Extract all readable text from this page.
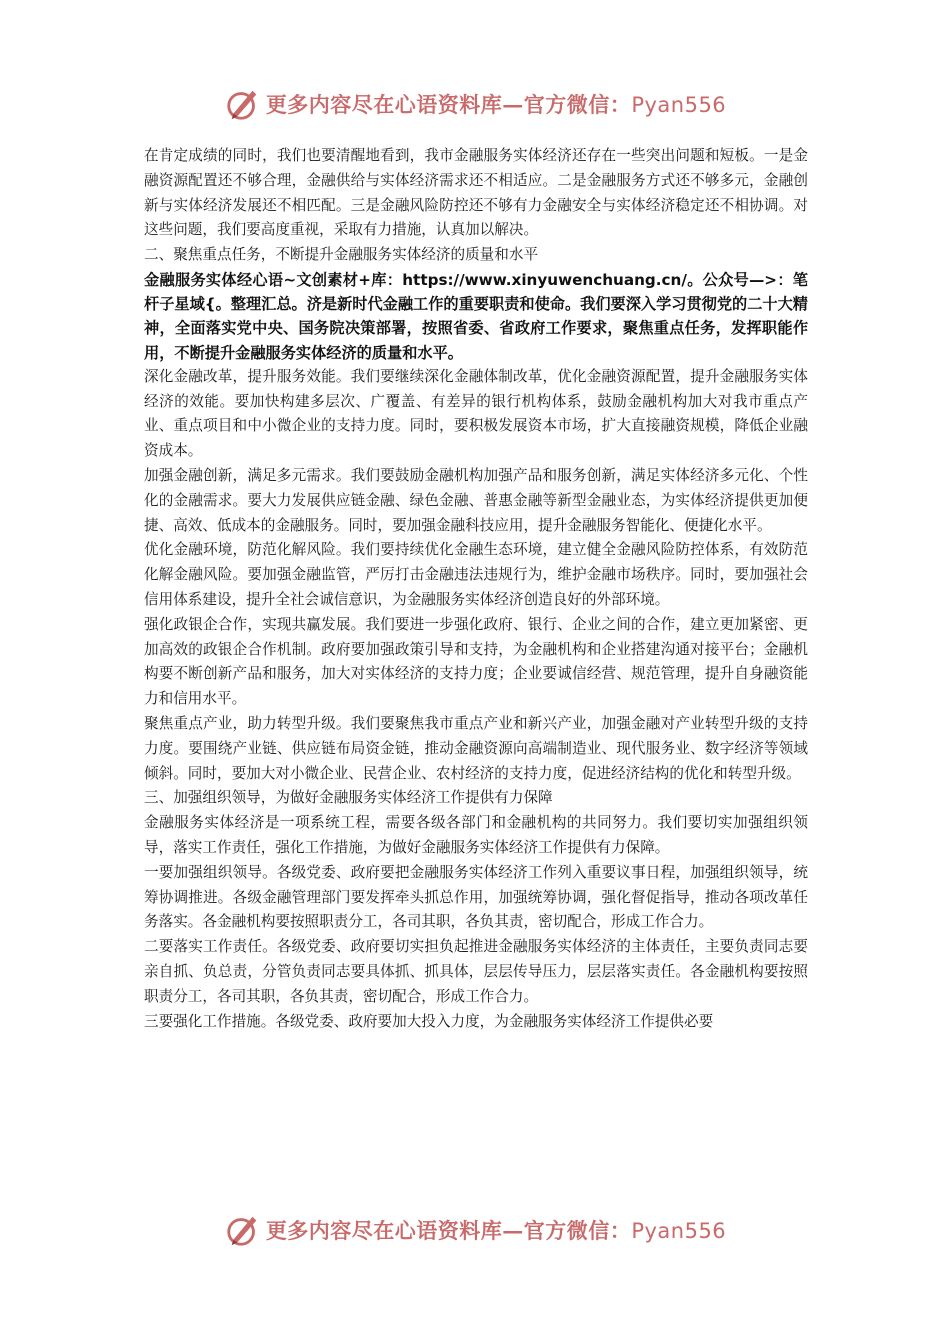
更多内容尽在心语资料库—官方微信：Pyan556

在肯定成绩的同时，我们也要清醒地看到，我市金融服务实体经济还存在一些突出问题和短板。一是金融资源配置还不够合理，金融供给与实体经济需求还不相适应。二是金融服务方式还不够多元，金融创新与实体经济发展还不相匹配。三是金融风险防控还不够有力金融安全与实体经济稳定还不相协调。对这些问题，我们要高度重视，采取有力措施，认真加以解决。

二、聚焦重点任务，不断提升金融服务实体经济的质量和水平

金融服务实体经心语~文创素材+库：https://www.xinyuwenchuang.cn/。公众号—>：笔杆子星域{。整理汇总。济是新时代金融工作的重要职责和使命。我们要深入学习贯彻党的二十大精神，全面落实党中央、国务院决策部署，按照省委、省政府工作要求，聚焦重点任务，发挥职能作用，不断提升金融服务实体经济的质量和水平。

深化金融改革，提升服务效能。我们要继续深化金融体制改革，优化金融资源配置，提升金融服务实体经济的效能。要加快构建多层次、广覆盖、有差异的银行机构体系，鼓励金融机构加大对我市重点产业、重点项目和中小微企业的支持力度。同时，要积极发展资本市场，扩大直接融资规模，降低企业融资成本。

加强金融创新，满足多元需求。我们要鼓励金融机构加强产品和服务创新，满足实体经济多元化、个性化的金融需求。要大力发展供应链金融、绿色金融、普惠金融等新型金融业态，为实体经济提供更加便捷、高效、低成本的金融服务。同时，要加强金融科技应用，提升金融服务智能化、便捷化水平。

优化金融环境，防范化解风险。我们要持续优化金融生态环境，建立健全金融风险防控体系，有效防范化解金融风险。要加强金融监管，严厉打击金融违法违规行为，维护金融市场秩序。同时，要加强社会信用体系建设，提升全社会诚信意识，为金融服务实体经济创造良好的外部环境。

强化政银企合作，实现共赢发展。我们要进一步强化政府、银行、企业之间的合作，建立更加紧密、更加高效的政银企合作机制。政府要加强政策引导和支持，为金融机构和企业搭建沟通对接平台；金融机构要不断创新产品和服务，加大对实体经济的支持力度；企业要诚信经营、规范管理，提升自身融资能力和信用水平。

聚焦重点产业，助力转型升级。我们要聚焦我市重点产业和新兴产业，加强金融对产业转型升级的支持力度。要围绕产业链、供应链布局资金链，推动金融资源向高端制造业、现代服务业、数字经济等领域倾斜。同时，要加大对小微企业、民营企业、农村经济的支持力度，促进经济结构的优化和转型升级。

三、加强组织领导，为做好金融服务实体经济工作提供有力保障

金融服务实体经济是一项系统工程，需要各级各部门和金融机构的共同努力。我们要切实加强组织领导，落实工作责任，强化工作措施，为做好金融服务实体经济工作提供有力保障。

一要加强组织领导。各级党委、政府要把金融服务实体经济工作列入重要议事日程，加强组织领导，统筹协调推进。各级金融管理部门要发挥牵头抓总作用，加强统筹协调，强化督促指导，推动各项改革任务落实。各金融机构要按照职责分工，各司其职，各负其责，密切配合，形成工作合力。

二要落实工作责任。各级党委、政府要切实担负起推进金融服务实体经济的主体责任，主要负责同志要亲自抓、负总责，分管负责同志要具体抓、抓具体，层层传导压力，层层落实责任。各金融机构要按照职责分工，各司其职，各负其责，密切配合，形成工作合力。

三要强化工作措施。各级党委、政府要加大投入力度，为金融服务实体经济工作提供必要

更多内容尽在心语资料库—官方微信：Pyan556
